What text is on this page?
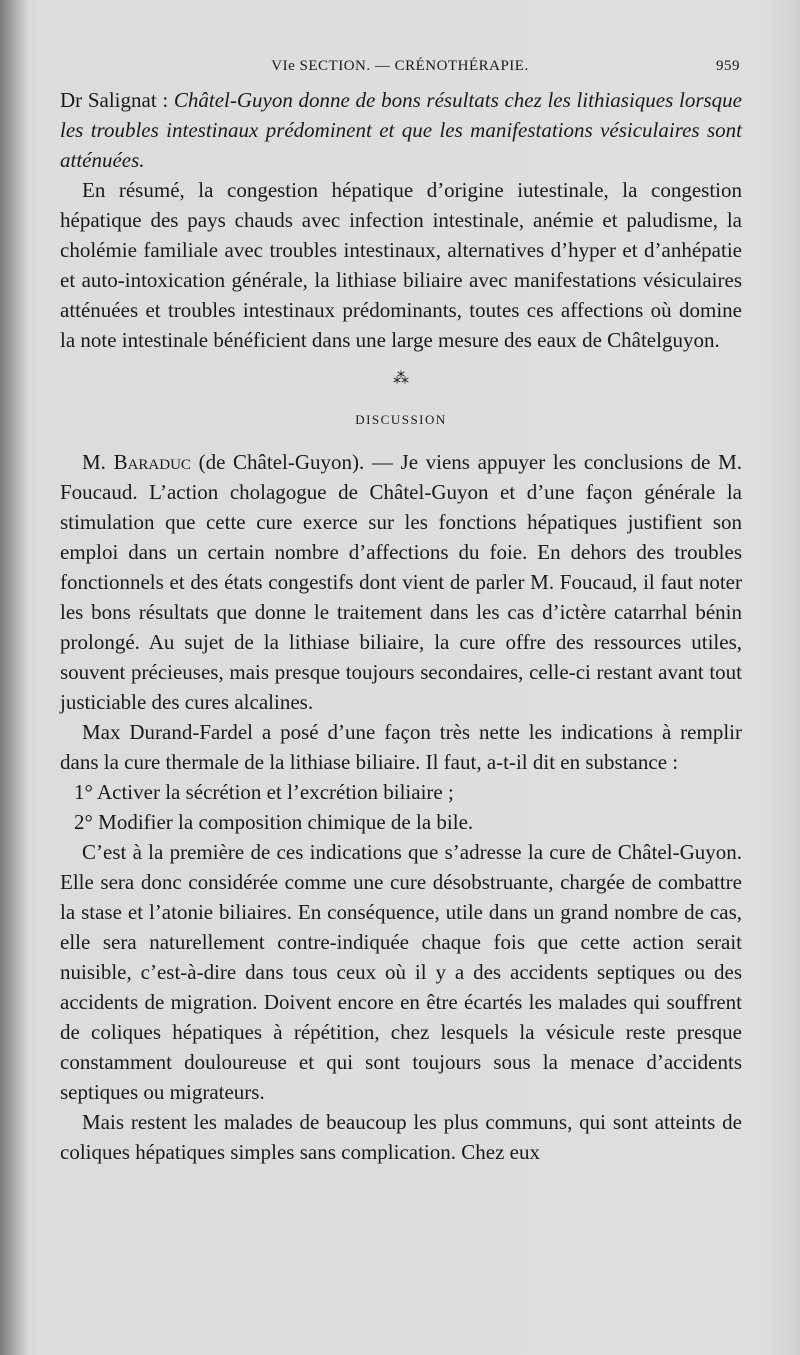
VIe SECTION. — CRÉNOTHÉRAPIE.	959

Dr Salignat : Châtel-Guyon donne de bons résultats chez les lithiasiques lorsque les troubles intestinaux prédominent et que les manifestations vésiculaires sont atténuées.

En résumé, la congestion hépatique d’origine iutestinale, la congestion hépatique des pays chauds avec infection intestinale, anémie et paludisme, la cholémie familiale avec troubles intestinaux, alternatives d’hyper et d’anhépatie et auto-intoxication générale, la lithiase biliaire avec manifestations vésiculaires atténuées et troubles intestinaux prédominants, toutes ces affections où domine la note intestinale bénéficient dans une large mesure des eaux de Châtelguyon.

⁂
DISCUSSION

M. Baraduc (de Châtel-Guyon). — Je viens appuyer les conclusions de M. Foucaud. L’action cholagogue de Châtel-Guyon et d’une façon générale la stimulation que cette cure exerce sur les fonctions hépatiques justifient son emploi dans un certain nombre d’affections du foie. En dehors des troubles fonctionnels et des états congestifs dont vient de parler M. Foucaud, il faut noter les bons résultats que donne le traitement dans les cas d’ictère catarrhal bénin prolongé. Au sujet de la lithiase biliaire, la cure offre des ressources utiles, souvent précieuses, mais presque toujours secondaires, celle-ci restant avant tout justiciable des cures alcalines.

Max Durand-Fardel a posé d’une façon très nette les indications à remplir dans la cure thermale de la lithiase biliaire. Il faut, a-t-il dit en substance :

1° Activer la sécrétion et l’excrétion biliaire ;

2° Modifier la composition chimique de la bile.

C’est à la première de ces indications que s’adresse la cure de Châtel-Guyon. Elle sera donc considérée comme une cure désobstruante, chargée de combattre la stase et l’atonie biliaires. En conséquence, utile dans un grand nombre de cas, elle sera naturellement contre-indiquée chaque fois que cette action serait nuisible, c’est-à-dire dans tous ceux où il y a des accidents septiques ou des accidents de migration. Doivent encore en être écartés les malades qui souffrent de coliques hépatiques à répétition, chez lesquels la vésicule reste presque constamment douloureuse et qui sont toujours sous la menace d’accidents septiques ou migrateurs.

Mais restent les malades de beaucoup les plus communs, qui sont atteints de coliques hépatiques simples sans complication. Chez eux
